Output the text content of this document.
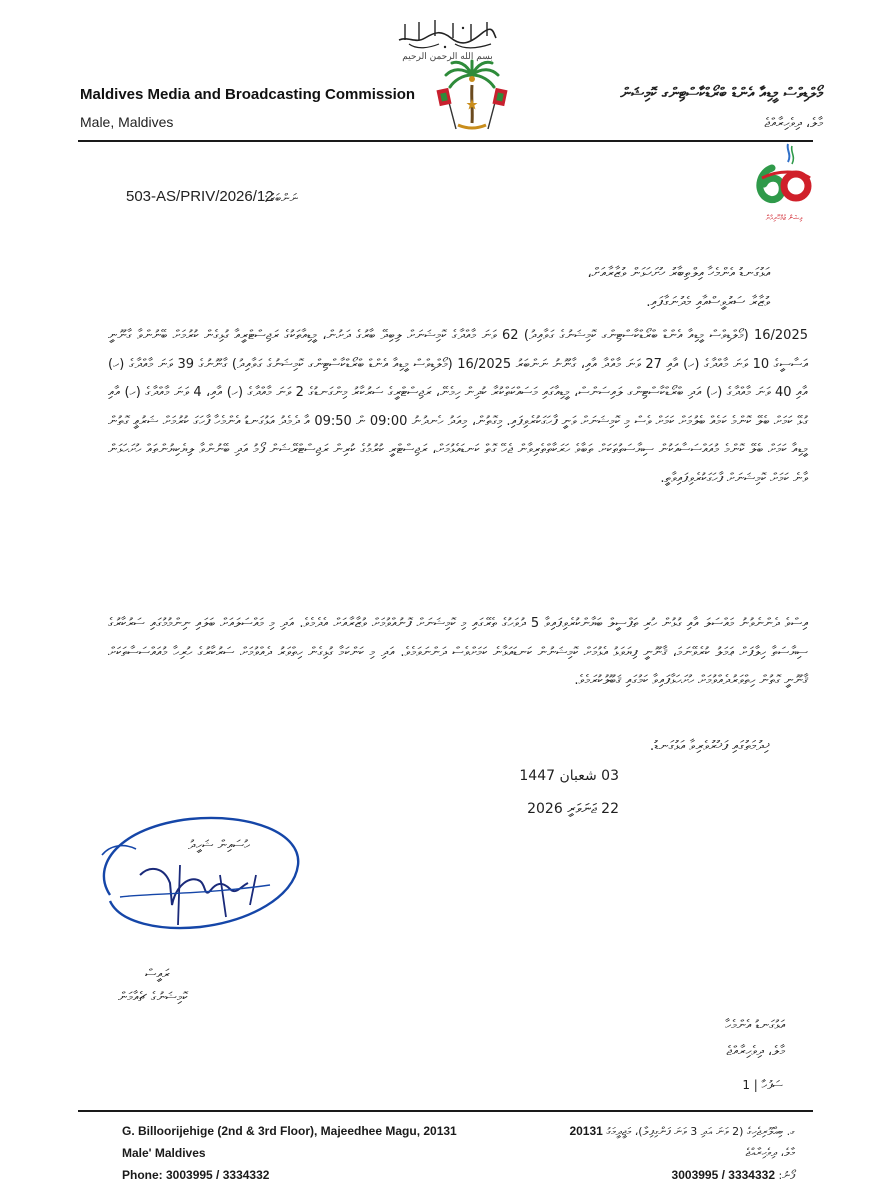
Maldives Media and Broadcasting Commission
Male, Maldives
މޯލްޑިވްސް މީޑިއާ އެންޑް ބްރޯޑްކާސްޓިންގ ކޮމިޝަން
މާލެ، ދިވެހިރާއްޖެ
ވިޝަން ޖުމްހޫރިއްޔާ
503-AS/PRIV/2026/12
ނަންބަރު:
އަޅުގަނޑު އެންމެހާ އިލްތިބާރު ހުށަހަޅަން ވުޒާރާއަށް،
ވުޒާރާ ސަރުވީސްއާއި މެދުނަގާފައި.
16/2025 (މޯލްޑިވްސް މީޑިއާ އެންޑް ބްރޯޑްކާސްޓިންގ ކޮމިޝަނުގެ ގަވާއިދު) 62 ވަނަ މާއްދާގެ ކޮމިޝަނަށް ލިބިދޭ ބާރުގެ ދަށުން، މީޑިއާތަކުގެ ރަޖިސްޓްރީއާ ގުޅިގެން ކުރުމަށް ބޭނުންވާ ގާނޫނީ އަސާސީގެ 10 ވަނަ މާއްދާގެ (ހ) އާއި 27 ވަނަ މާއްދާ އާއި، ގާނޫނު ނަންބަރު 16/2025 (މޯލްޑިވްސް މީޑިއާ އެންޑް ބްރޯޑްކާސްޓިންގ ކޮމިޝަނުގެ ގަވާއިދު) ގާނޫނުގެ 39 ވަނަ މާއްދާގެ (ހ) އާއި 40 ވަނަ މާއްދާގެ (ހ) އަދި ބްރޯޑްކާސްޓިންގ ލައިސަންސް، މީޑިއާގައި މަސައްކަތްކުރާ ކުދިން ހިމެނޭ، ރަޖިސްޓްރީގެ ސަރުކާރު މިންގަނޑުގެ 2 ވަނަ މާއްދާގެ (ހ) އާއި، 4 ވަނަ މާއްދާގެ (ހ) އާއި ގުޅޭ ކަމަށް ބެލޭ ކޮންމެ ކަމެއް ބެލުމަށް ކަމަށް ވެސް މި ކޮމިޝަނަށް ވަނީ ފާހަގަކުރެވިފައި. މިގޮތުން، މިއަދު ހެނދުނު 09:00 ން 09:50 އާ ދެމެދު އަޅުގަނޑު އެންމެހާ ފާހަގަ ކުރުމަށް ޝަރުޢީ ގޮތުން މީޑިއާ ކަމަށް ބެލޭ ކޮންމެ މުއައްސަސާއަކުން ސިޔާސަތުތަކަށް ތަބާވެ ހަރަކާތްތެރިވާން ޖެހޭ ގޮތް ކަނޑައެޅުމަށް، ރަޖިސްޓްރީ ކުރުމުގެ ކުރިން ރަޖިސްޓްރޭޝަން ފޯމު އަދި ބޭނުންވާ ލިޔެކިޔުންތައް ހުށަހަޅަން ވާނެ ކަމަށް ކޮމިޝަނަށް ފާހަގަކުރެވިފައިވާތީ.
އިސްވެ ދެންނެވުނު މައްސަލަ އާއި ގުޅުން ހުރި ތަފްސީލް ބަޔާންކުރެވިފައިވާ 5 ދުވަހުގެ ތެރޭގައި މި ކޮމިޝަނަށް ފޮނުއްވުމަށް ވުޒާރާއަށް އެދެމެވެ. އަދި މި މައްސަލައަށް ބަލައި ނިންމުމުގައި ސަރުކާރުގެ ސިޔާސަތާ ހިލާފަށް ޢަމަލު ކުރެވޭނަމަ، ޤާނޫނީ ފިޔަވަޅު އެޅުމަށް ކޮމިޝަނުން ކަނޑައަޅާނެ ކަމަށްވެސް ދަންނަވަމެވެ. އަދި މި ކަންކަމާ ގުޅިގެން ހިތްވަރު ދެއްވުމަށް ސަރުކާރުގެ ހުރިހާ މުއައްސަސާތަކަށް ޤާނޫނީ ގޮތުން ހިތްވަރުދެއްވުމަށް ހުށަހަޅާފައިވާ ކަމުގައި ޤަބޫލުކުރަމެވެ.
ޚިދުމަތުގައި ފަޚުރުވެރިވާ އަޅުގަނޑު.
03 شعبان 1447
22 ޖަނަވަރީ 2026
ހުސައިން ޝަހީދު
ރައީސް
ކޮމިޝަނުގެ ޗެއާމަން
އަޅުގަނޑު އެންމެހާ
މާލެ، ދިވެހިރާއްޖެ
ސަފުހާ | 1
G. Billoorijehige (2nd & 3rd Floor), Majeedhee Magu, 20131
Male' Maldives
Phone: 3003995 / 3334332
ގ. ބިއްލޫރިޖެހިގެ (2 ވަނަ އަދި 3 ވަނަ ފަންގިފިލާ)، މަޖީދީމަގު 20131
މާލެ، ދިވެހިރާއްޖެ
ފޯނު: 3334332 / 3003995
بسم الله الرحمن الرحيم
